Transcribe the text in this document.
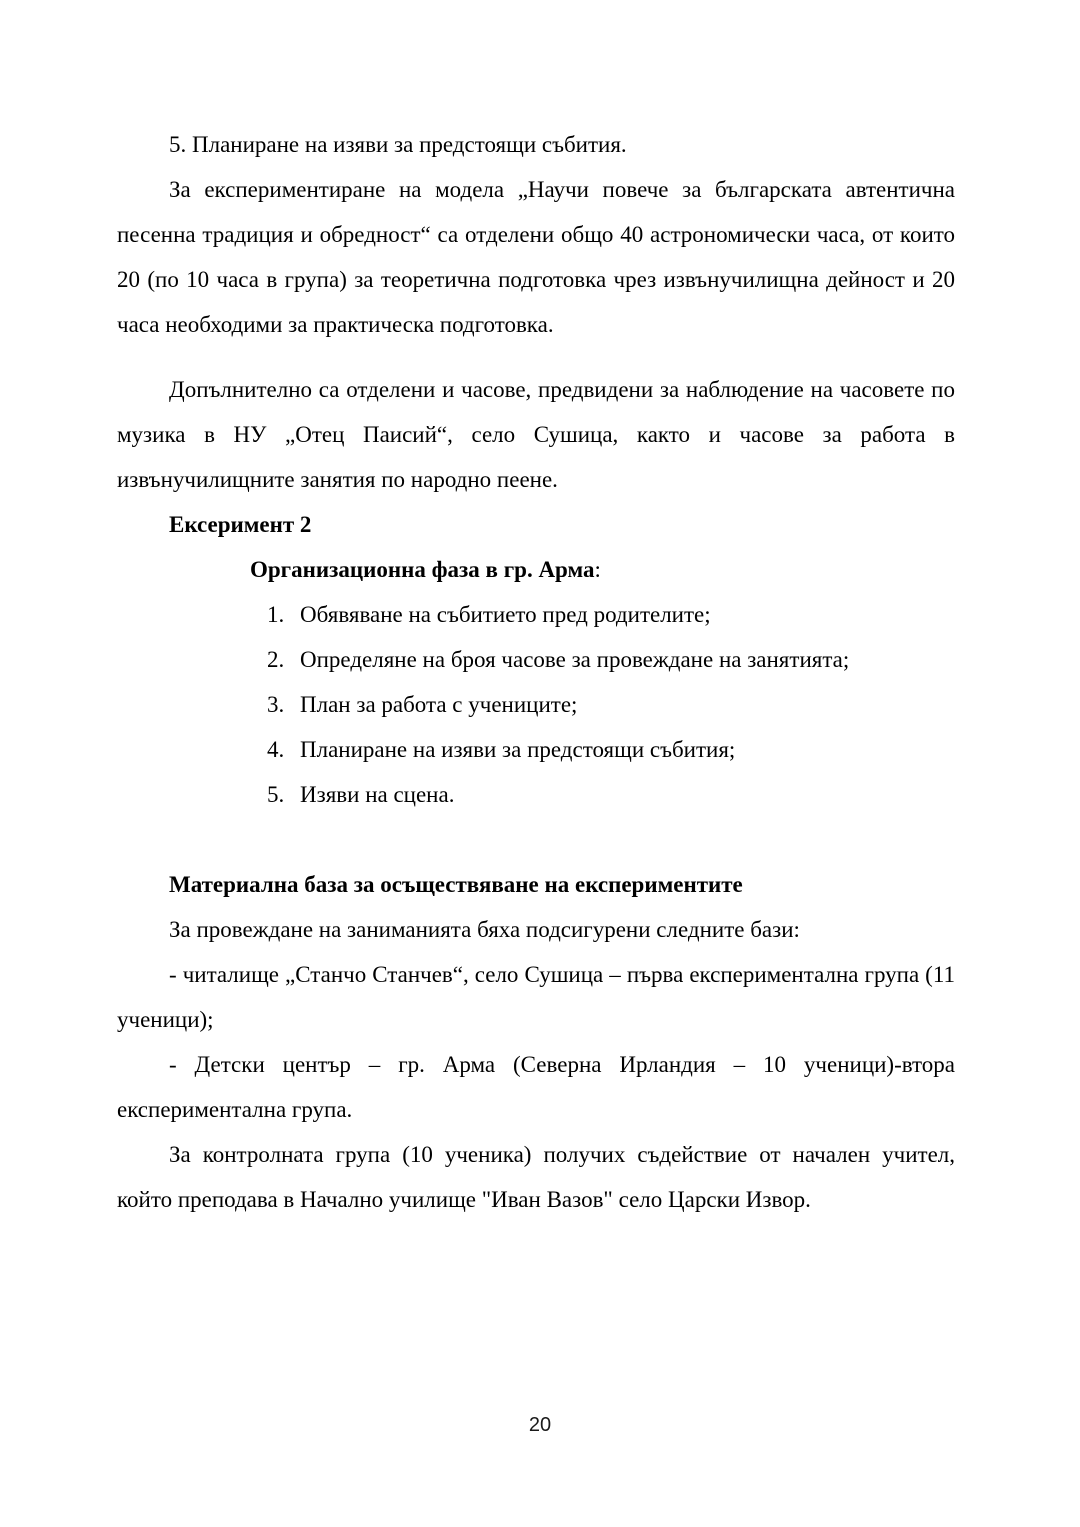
5. Планиране на изяви за предстоящи събития.

За експериментиране на модела „Научи повече за българската автентична песенна традиция и обредност“ са отделени общо 40 астрономически часа, от които 20 (по 10 часа в група) за теоретична подготовка чрез извънучилищна дейност и 20 часа необходими за практическа подготовка.

Допълнително са отделени и часове, предвидени за наблюдение на часовете по музика в НУ „Отец Паисий“, село Сушица, както и часове за работа в извънучилищните занятия по народно пеене.

Ексеримент 2

Организационна фаза в гр. Арма:

1. Обявяване на събитието пред родителите;
2. Определяне на броя часове за провеждане на занятията;
3. План за работа с учениците;
4. Планиране на изяви за предстоящи събития;
5. Изяви на сцена.

Материална база за осъществяване на експериментите

За провеждане на заниманията бяха подсигурени следните бази:

- читалище „Станчо Станчев“, село Сушица – първа експериментална група (11 ученици);

- Детски център – гр. Арма (Северна Ирландия – 10 ученици)-втора експериментална група.

За контролната група (10 ученика) получих съдействие от начален учител, който преподава в Начално училище "Иван Вазов" село Царски Извор.

20
